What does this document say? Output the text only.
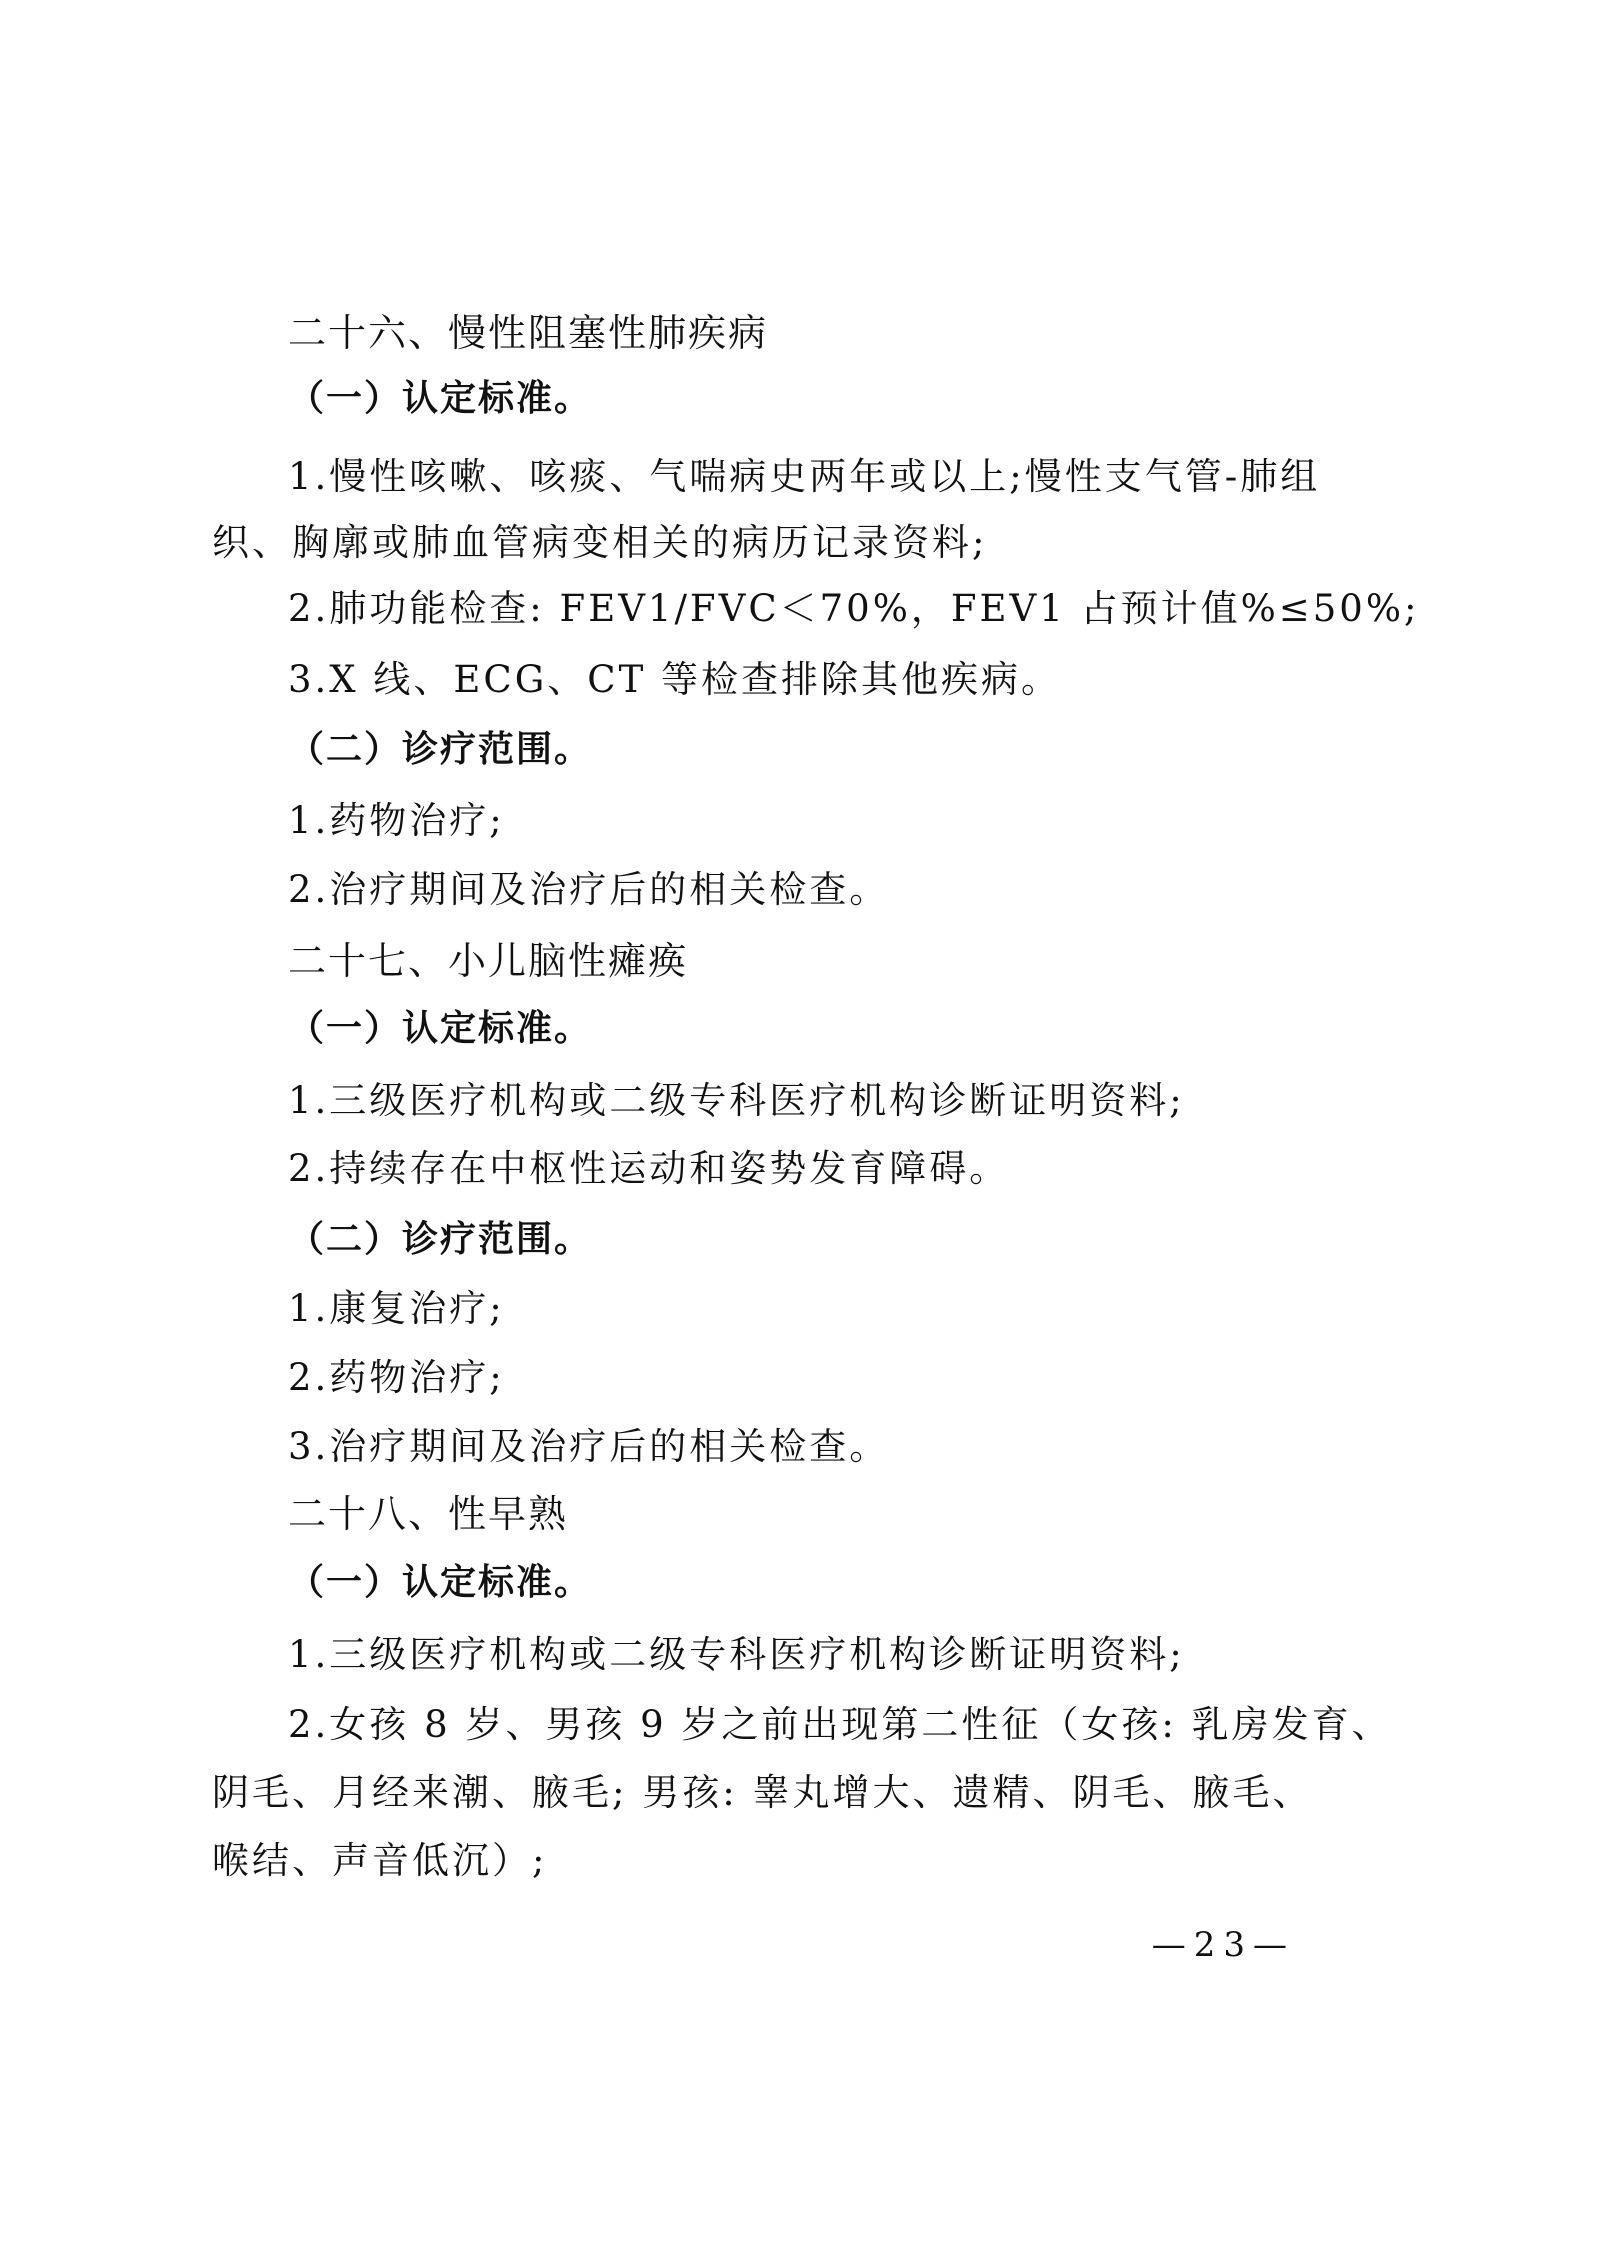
二十六、慢性阻塞性肺疾病
（一）认定标准。
1.慢性咳嗽、咳痰、气喘病史两年或以上;慢性支气管-肺组
织、胸廓或肺血管病变相关的病历记录资料;
2.肺功能检查: FEV1/FVC＜70%，FEV1 占预计值%≤50%;
3.X 线、ECG、CT 等检查排除其他疾病。
（二）诊疗范围。
1.药物治疗;
2.治疗期间及治疗后的相关检查。
二十七、小儿脑性瘫痪
（一）认定标准。
1.三级医疗机构或二级专科医疗机构诊断证明资料;
2.持续存在中枢性运动和姿势发育障碍。
（二）诊疗范围。
1.康复治疗;
2.药物治疗;
3.治疗期间及治疗后的相关检查。
二十八、性早熟
（一）认定标准。
1.三级医疗机构或二级专科医疗机构诊断证明资料;
2.女孩 8 岁、男孩 9 岁之前出现第二性征（女孩: 乳房发育、
阴毛、月经来潮、腋毛; 男孩: 睾丸增大、遗精、阴毛、腋毛、
喉结、声音低沉）;
—23—
